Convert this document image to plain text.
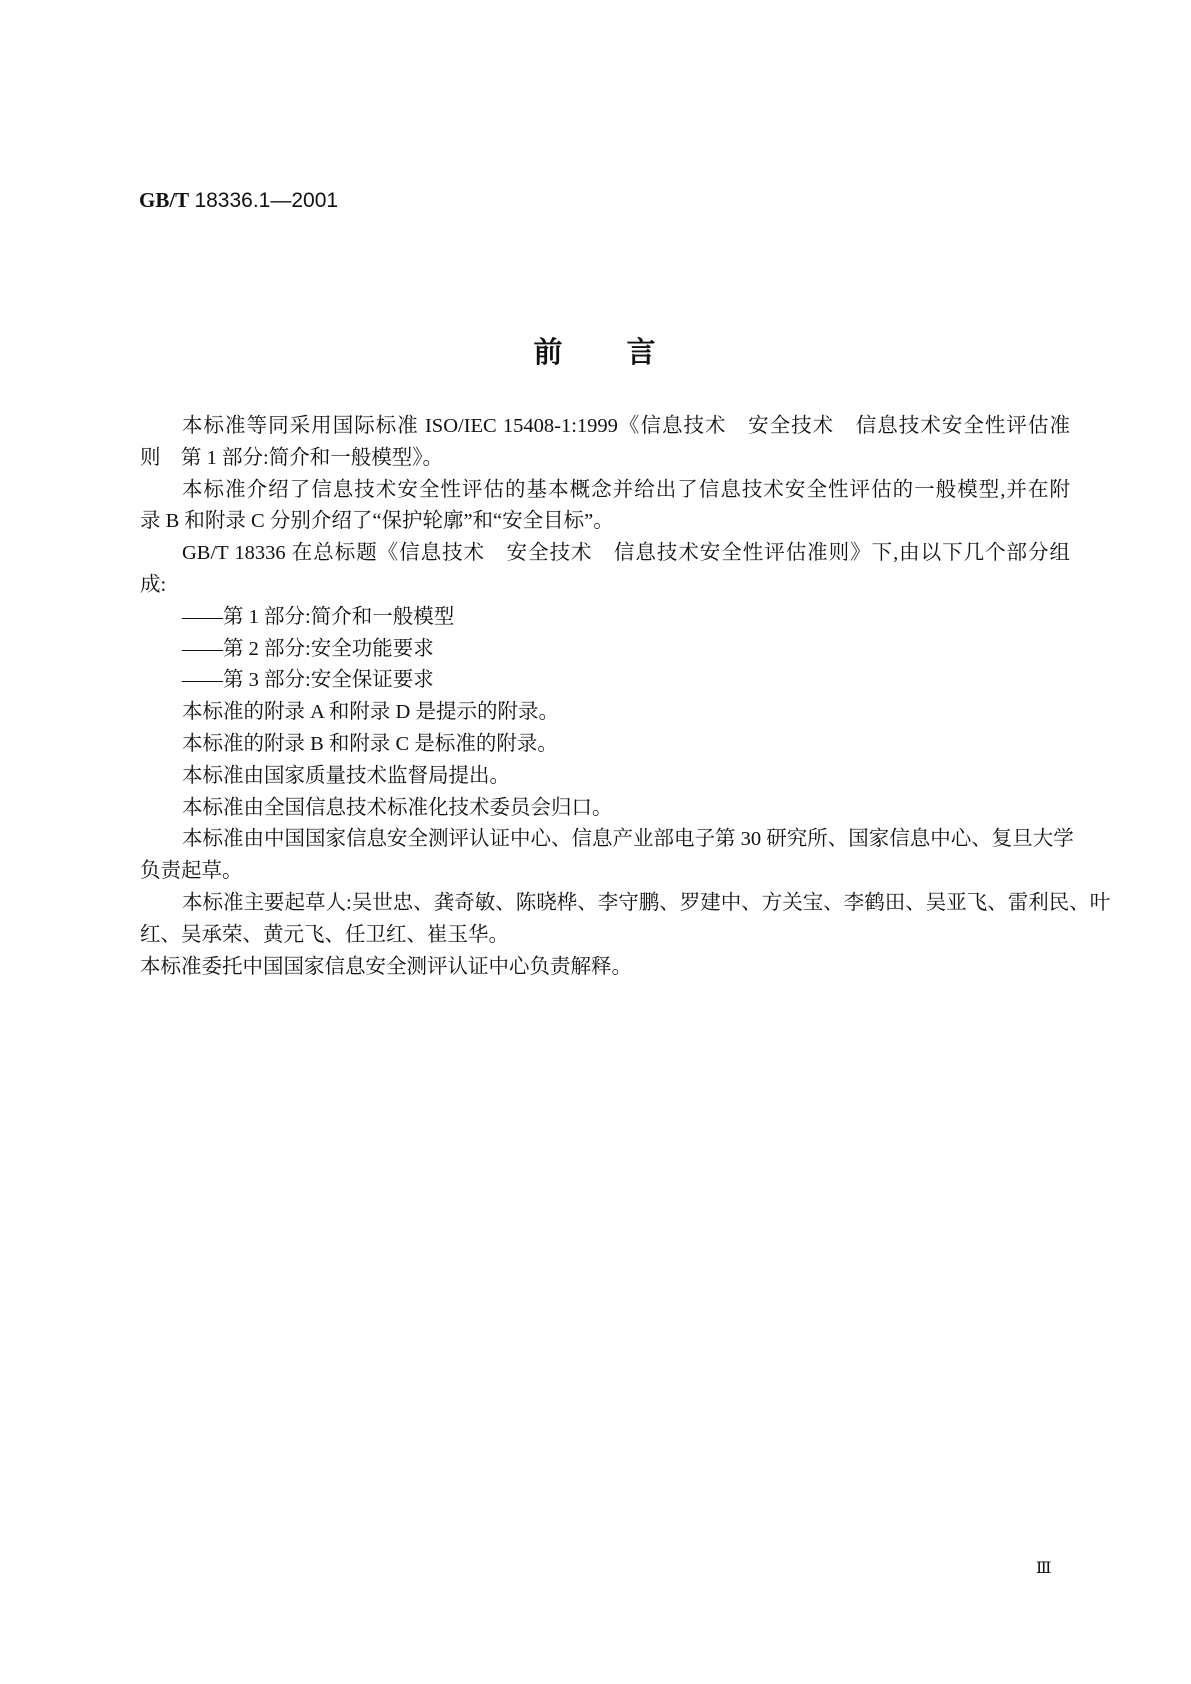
GB/T 18336.1—2001
前　　言
本标准等同采用国际标准 ISO/IEC 15408-1:1999《信息技术　安全技术　信息技术安全性评估准
则　第 1 部分:简介和一般模型》。
本标准介绍了信息技术安全性评估的基本概念并给出了信息技术安全性评估的一般模型,并在附
录 B 和附录 C 分别介绍了“保护轮廓”和“安全目标”。
GB/T 18336 在总标题《信息技术　安全技术　信息技术安全性评估准则》下,由以下几个部分组
成:
——第 1 部分:简介和一般模型
——第 2 部分:安全功能要求
——第 3 部分:安全保证要求
本标准的附录 A 和附录 D 是提示的附录。
本标准的附录 B 和附录 C 是标准的附录。
本标准由国家质量技术监督局提出。
本标准由全国信息技术标准化技术委员会归口。
本标准由中国国家信息安全测评认证中心、信息产业部电子第 30 研究所、国家信息中心、复旦大学
负责起草。
本标准主要起草人:吴世忠、龚奇敏、陈晓桦、李守鹏、罗建中、方关宝、李鹤田、吴亚飞、雷利民、叶
红、吴承荣、黄元飞、任卫红、崔玉华。
本标准委托中国国家信息安全测评认证中心负责解释。
Ⅲ
